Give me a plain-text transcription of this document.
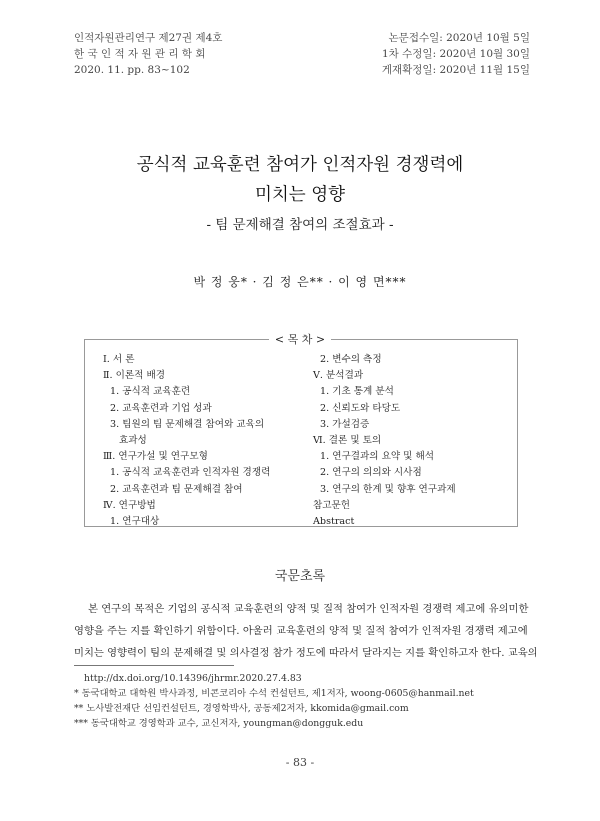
인적자원관리연구 제27권 제4호
한 국 인 적 자 원 관 리 학 회
2020. 11. pp. 83~102
논문접수일: 2020년 10월 5일
1차 수정일: 2020년 10월 30일
게재확정일: 2020년 11월 15일
공식적 교육훈련 참여가 인적자원 경쟁력에
미치는 영향
- 팀 문제해결 참여의 조절효과 -
박 정 웅* · 김 정 은** · 이 영 면***
Ⅰ. 서 론
Ⅱ. 이론적 배경
1. 공식적 교육훈련
2. 교육훈련과 기업 성과
3. 팀원의 팀 문제해결 참여와 교육의
효과성
Ⅲ. 연구가설 및 연구모형
1. 공식적 교육훈련과 인적자원 경쟁력
2. 교육훈련과 팀 문제해결 참여
Ⅳ. 연구방법
1. 연구대상
2. 변수의 측정
Ⅴ. 분석결과
1. 기초 통계 분석
2. 신뢰도와 타당도
3. 가설검증
Ⅵ. 결론 및 토의
1. 연구결과의 요약 및 해석
2. 연구의 의의와 시사점
3. 연구의 한계 및 향후 연구과제
참고문헌
Abstract
< 목 차 >
국문초록
본 연구의 목적은 기업의 공식적 교육훈련의 양적 및 질적 참여가 인적자원 경쟁력 제고에 유의미한
영향을 주는 지를 확인하기 위함이다. 아울러 교육훈련의 양적 및 질적 참여가 인적자원 경쟁력 제고에
미치는 영향력이 팀의 문제해결 및 의사결정 참가 정도에 따라서 달라지는 지를 확인하고자 한다. 교육의
http://dx.doi.org/10.14396/jhrmr.2020.27.4.83
* 동국대학교 대학원 박사과정, 비콘코리아 수석 컨설턴트, 제1저자, woong-0605@hanmail.net
** 노사발전재단 선임컨설턴트, 경영학박사, 공동제2저자, kkomida@gmail.com
*** 동국대학교 경영학과 교수, 교신저자, youngman@dongguk.edu
- 83 -
